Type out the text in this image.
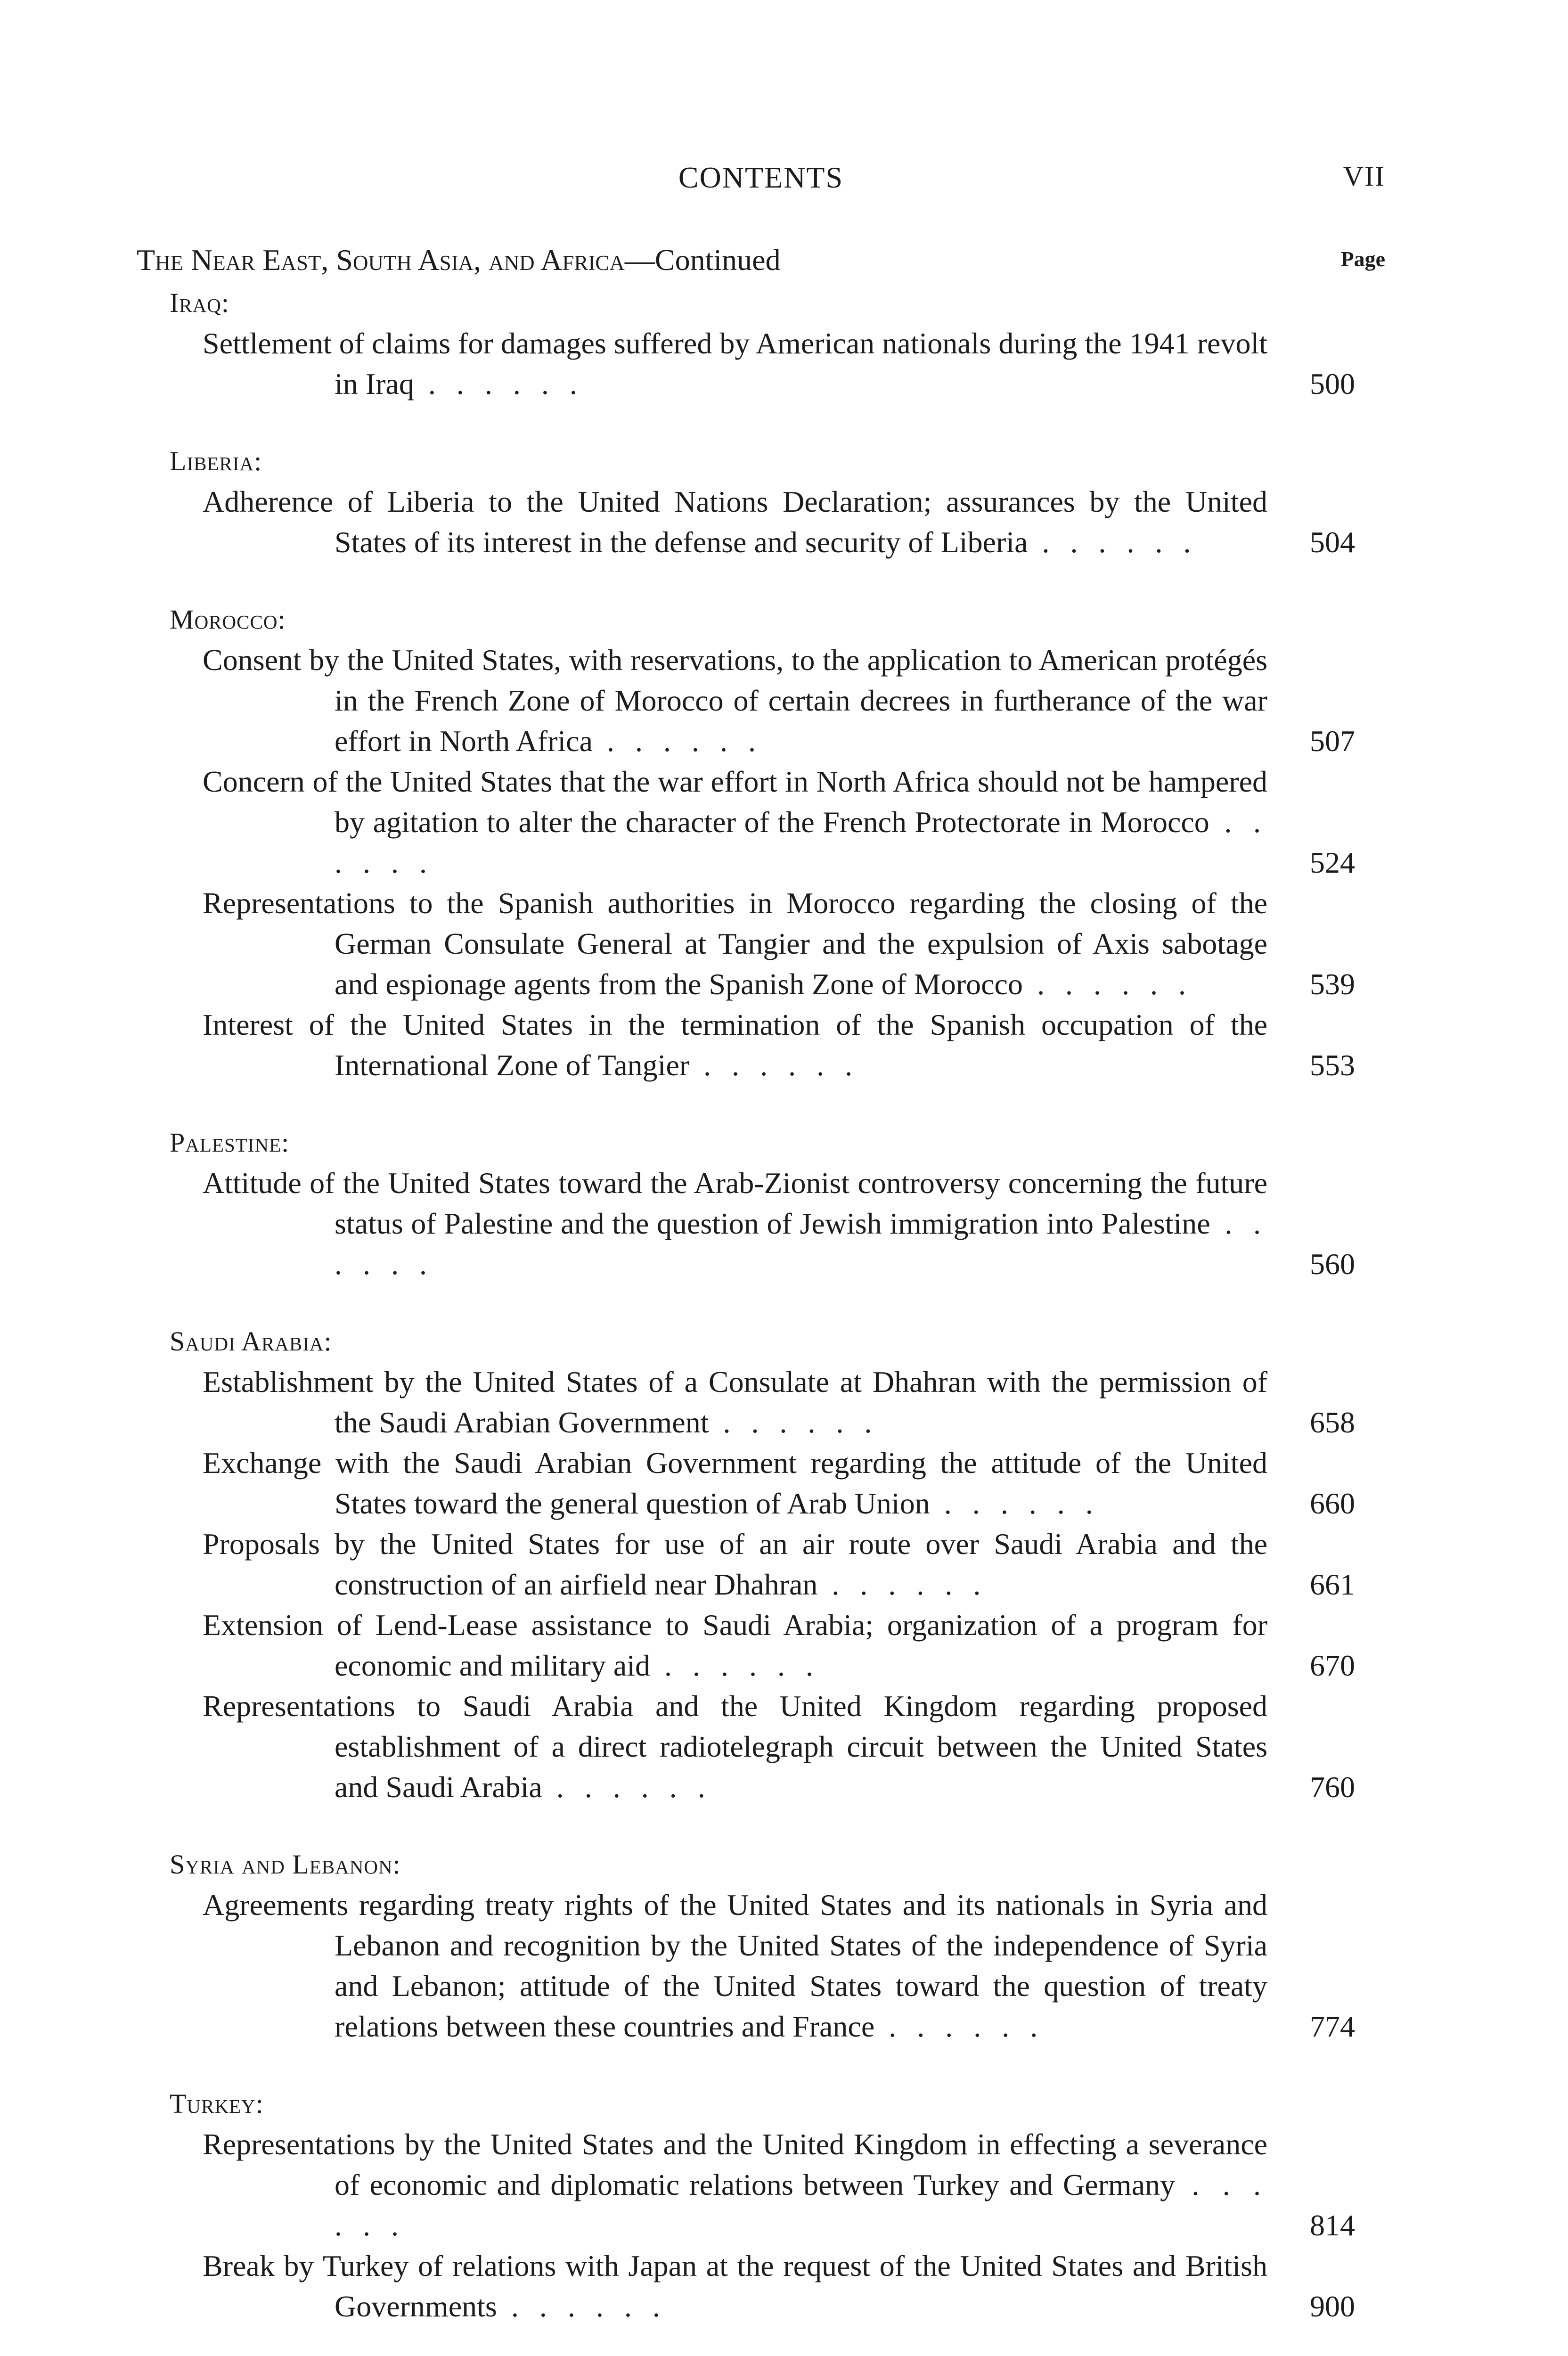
CONTENTS	VII
The Near East, South Asia, and Africa—Continued	Page
Iraq:
Settlement of claims for damages suffered by American nationals during the 1941 revolt in Iraq . . . . . .	500
Liberia:
Adherence of Liberia to the United Nations Declaration; assurances by the United States of its interest in the defense and security of Liberia . . . . . .	504
Morocco:
Consent by the United States, with reservations, to the application to American protégés in the French Zone of Morocco of certain decrees in furtherance of the war effort in North Africa . . . . . .	507
Concern of the United States that the war effort in North Africa should not be hampered by agitation to alter the character of the French Protectorate in Morocco . . . . . .	524
Representations to the Spanish authorities in Morocco regarding the closing of the German Consulate General at Tangier and the expulsion of Axis sabotage and espionage agents from the Spanish Zone of Morocco . . . . . .	539
Interest of the United States in the termination of the Spanish occupation of the International Zone of Tangier . . . . . .	553
Palestine:
Attitude of the United States toward the Arab-Zionist controversy concerning the future status of Palestine and the question of Jewish immigration into Palestine . . . . . .	560
Saudi Arabia:
Establishment by the United States of a Consulate at Dhahran with the permission of the Saudi Arabian Government . . . . . .	658
Exchange with the Saudi Arabian Government regarding the attitude of the United States toward the general question of Arab Union . . . . . .	660
Proposals by the United States for use of an air route over Saudi Arabia and the construction of an airfield near Dhahran . . . . . .	661
Extension of Lend-Lease assistance to Saudi Arabia; organization of a program for economic and military aid . . . . . .	670
Representations to Saudi Arabia and the United Kingdom regarding proposed establishment of a direct radiotelegraph circuit between the United States and Saudi Arabia . . . . . .	760
Syria and Lebanon:
Agreements regarding treaty rights of the United States and its nationals in Syria and Lebanon and recognition by the United States of the independence of Syria and Lebanon; attitude of the United States toward the question of treaty relations between these countries and France . . . . . .	774
Turkey:
Representations by the United States and the United Kingdom in effecting a severance of economic and diplomatic relations between Turkey and Germany . . . . . .	814
Break by Turkey of relations with Japan at the request of the United States and British Governments . . . . . .	900
